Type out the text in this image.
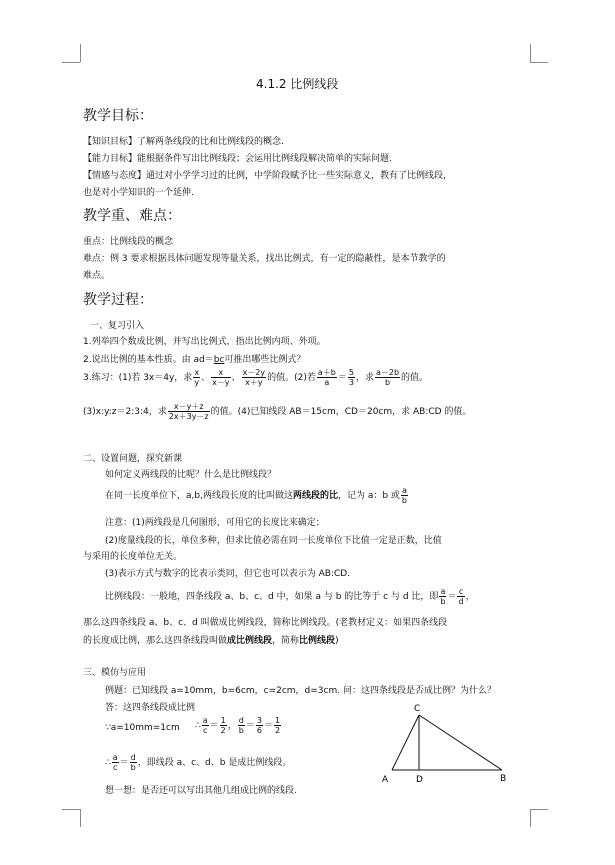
4.1.2 比例线段
教学目标：
【知识目标】了解两条线段的比和比例线段的概念.
【能力目标】能根据条件写出比例线段；会运用比例线段解决简单的实际问题.
【情感与态度】通过对小学学习过的比例，中学阶段赋予比一些实际意义，教有了比例线段，
也是对小学知识的一个延伸.
教学重、难点：
重点：比例线段的概念
难点：例 3 要求根据具体问题发现等量关系，找出比例式，有一定的隐蔽性，是本节教学的
难点。
教学过程：
一、复习引入
1.列举四个数成比例，并写出比例式，指出比例内项、外项。
2.说出比例的基本性质。由 ad＝bc可推出哪些比例式？
3.练习：(1)若 3x＝4y，求 $\frac{x}{y}$ 、 $\frac{x}{x-y}$ 、 $\frac{x-2y}{x+y}$ 的值。(2)若 $\frac{a+b}{a} = \frac{5}{3}$ ，求 $\frac{a-2b}{b}$ 的值。
(3)x:y:z＝2:3:4，求 $\frac{x-y+z}{2x+3y-z}$ 的值。(4)已知线段 AB＝15cm，CD＝20cm，求 AB:CD 的值。
二、设置问题，探究新课
如何定义两线段的比呢？什么是比例线段？
在同一长度单位下，a,b,两线段长度的比叫做这两线段的比，记为 a：b 或 $\frac{a}{b}$
注意：(1)两线段是几何图形，可用它的长度比来确定；
(2)度量线段的长，单位多种，但求比值必需在同一长度单位下比值一定是正数，比值
与采用的长度单位无关。
(3)表示方式与数字的比表示类同，但它也可以表示为 AB:CD.
比例线段：一般地，四条线段 a、b、c、d 中，如果 a 与 b 的比等于 c 与 d 比，即 $\frac{a}{b} = \frac{c}{d}$ ，
那么这四条线段 a、b、c、d 叫做成比例线段，简称比例线段。(老教材定义：如果四条线段
的长度成比例，那么这四条线段叫做成比例线段，简称比例线段)
三、模仿与应用
例题：已知线段 a=10mm，b=6cm，c=2cm，d=3cm. 问：这四条线段是否成比例？为什么？
答：这四条线段成比例
∵a=10mm=1cm ∴ $\frac{a}{c} = \frac{1}{2}$ ， $\frac{d}{b} = \frac{3}{6} = \frac{1}{2}$
∴ $\frac{a}{c} = \frac{d}{b}$ ，即线段 a、c、d、b 是成比例线段。
想一想：是否还可以写出其他几组成比例的线段.
C
A	D	B
